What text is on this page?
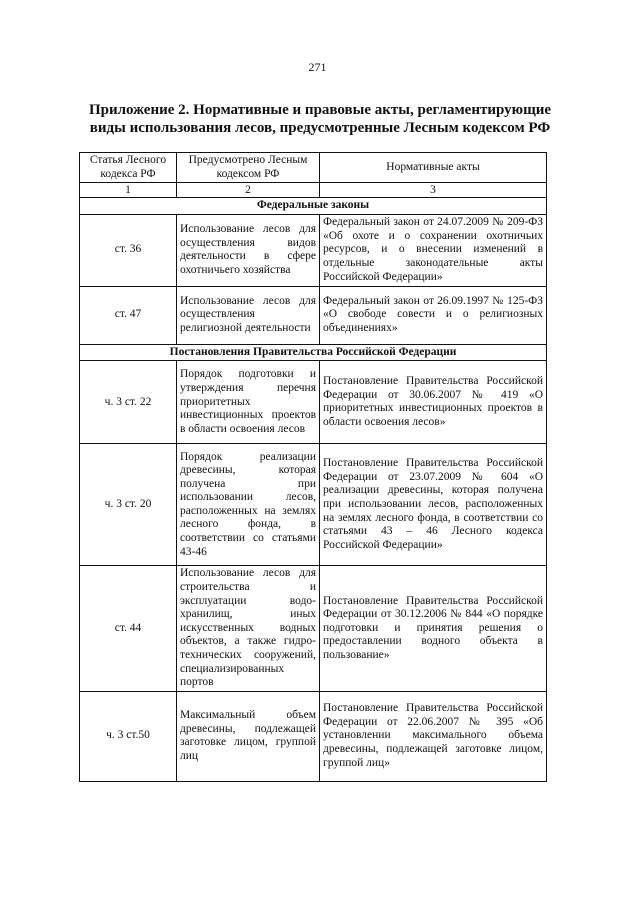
271
Приложение 2. Нормативные и правовые акты, регламентирующие
виды использования лесов, предусмотренные Лесным кодексом РФ
Статья Лесного кодекса РФ	Предусмотрено Лесным кодексом РФ	Нормативные акты
1	2	3
Федеральные законы		
ст. 36	Использование лесов для осуществления видов деятельности в сфере охотничьего хозяйства	Федеральный закон от 24.07.2009 № 209-ФЗ «Об охоте и о сохранении охотничьих ресурсов, и о внесении изменений в отдельные законодательные акты Российской Федерации»
ст. 47	Использование лесов для осуществления религиозной деятельности	Федеральный закон от 26.09.1997 № 125-ФЗ «О свободе совести и о религиозных объединениях»
Постановления Правительства Российской Федерации		
ч. 3 ст. 22	Порядок подготовки и утверждения перечня приоритетных инвестиционных проектов в области освоения лесов	Постановление Правительства Российской Федерации от 30.06.2007 № 419 «О приоритетных инвестиционных проектов в области освоения лесов»
ч. 3 ст. 20	Порядок реализации древесины, которая получена при использовании лесов, расположенных на землях лесного фонда, в соответствии со статьями 43-46	Постановление Правительства Российской Федерации от 23.07.2009 № 604 «О реализации древесины, которая получена при использовании лесов, расположенных на землях лесного фонда, в соответствии со статьями 43 – 46 Лесного кодекса Российской Федерации»
ст. 44	Использование лесов для строительства и эксплуатации водо-хранилищ, иных искусственных водных объектов, а также гидро-технических сооружений, специализированных портов	Постановление Правительства Российской Федерации от 30.12.2006 № 844 «О порядке подготовки и принятия решения о предоставлении водного объекта в пользование»
ч. 3 ст.50	Максимальный объем древесины, подлежащей заготовке лицом, группой лиц	Постановление Правительства Российской Федерации от 22.06.2007 № 395 «Об установлении максимального объема древесины, подлежащей заготовке лицом, группой лиц»
